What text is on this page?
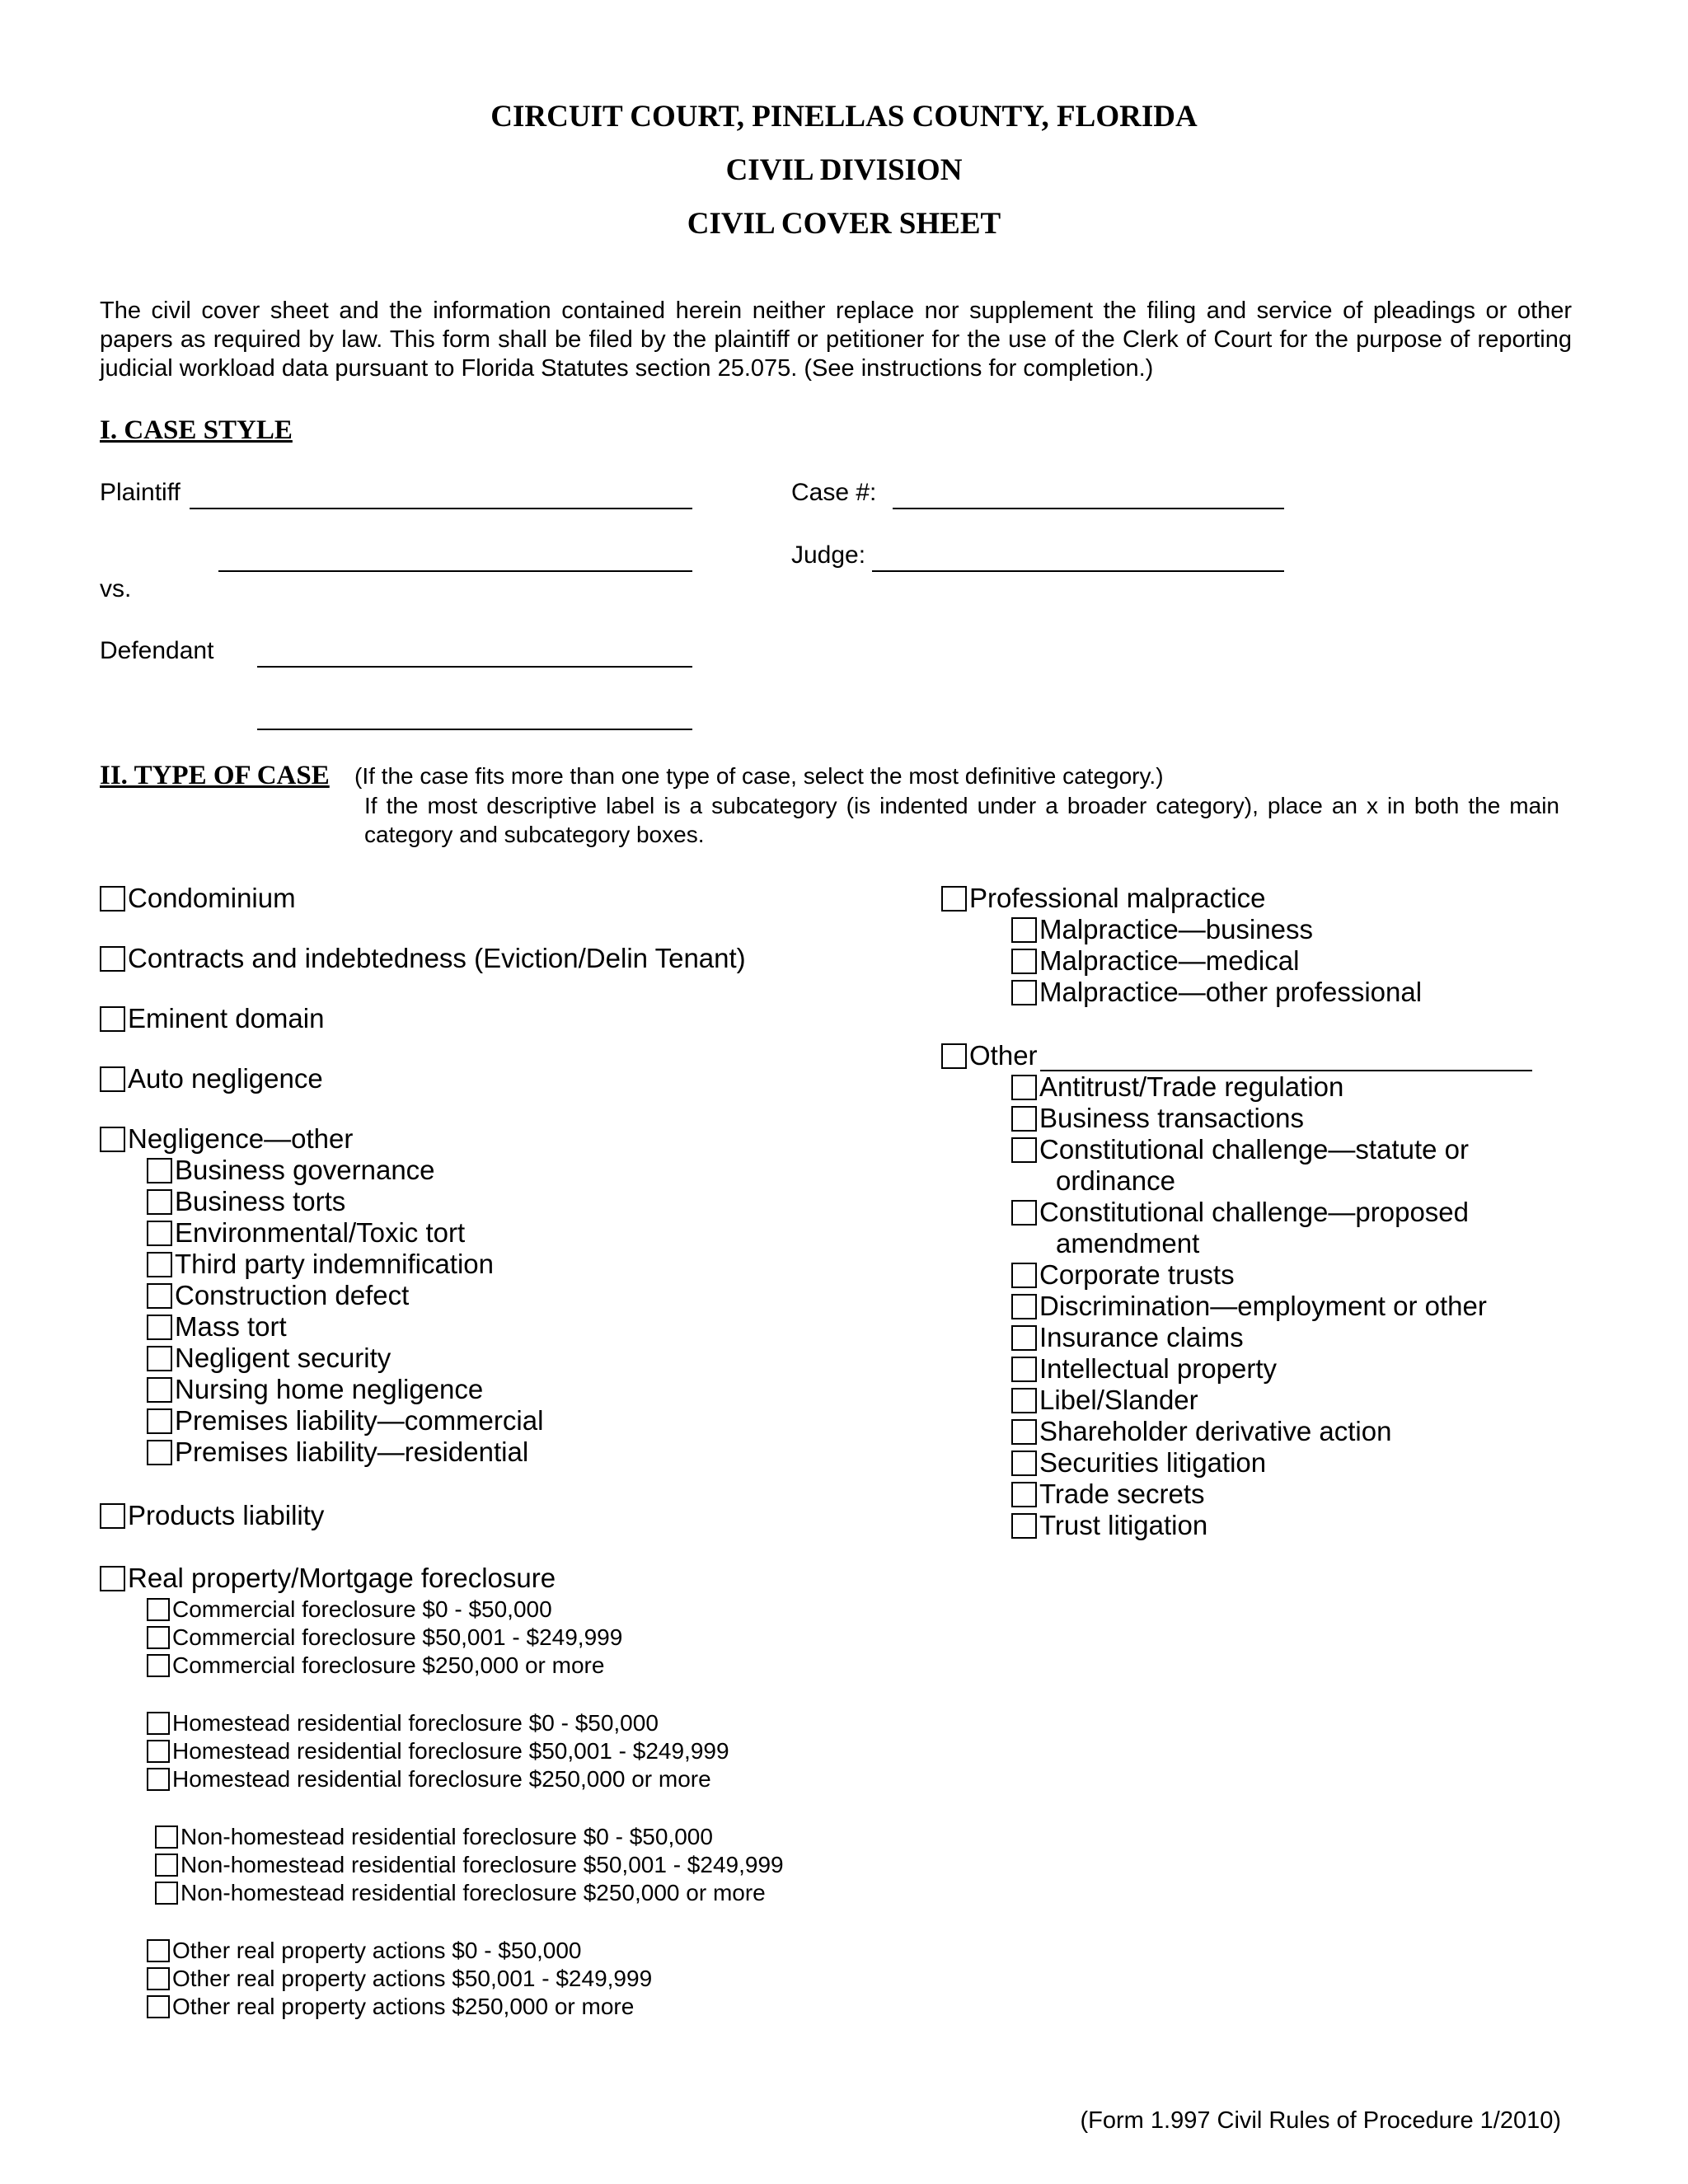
CIRCUIT COURT, PINELLAS COUNTY, FLORIDA
CIVIL DIVISION
CIVIL COVER SHEET
The civil cover sheet and the information contained herein neither replace nor supplement the filing and service of pleadings or other papers as required by law. This form shall be filed by the plaintiff or petitioner for the use of the Clerk of Court for the purpose of reporting judicial workload data pursuant to Florida Statutes section 25.075. (See instructions for completion.)
I. CASE STYLE
Plaintiff
vs.
Defendant
Case #:
Judge:
II. TYPE OF CASE (If the case fits more than one type of case, select the most definitive category.)
If the most descriptive label is a subcategory (is indented under a broader category), place an x in both the main category and subcategory boxes.
Condominium
Contracts and indebtedness (Eviction/Delin Tenant)
Eminent domain
Auto negligence
Negligence—other
Business governance
Business torts
Environmental/Toxic tort
Third party indemnification
Construction defect
Mass tort
Negligent security
Nursing home negligence
Premises liability—commercial
Premises liability—residential
Products liability
Real property/Mortgage foreclosure
Commercial foreclosure $0 - $50,000
Commercial foreclosure $50,001 - $249,999
Commercial foreclosure $250,000 or more
Homestead residential foreclosure $0 - $50,000
Homestead residential foreclosure $50,001 - $249,999
Homestead residential foreclosure $250,000 or more
Non-homestead residential foreclosure $0 - $50,000
Non-homestead residential foreclosure $50,001 - $249,999
Non-homestead residential foreclosure $250,000 or more
Other real property actions $0 - $50,000
Other real property actions $50,001 - $249,999
Other real property actions $250,000 or more
Professional malpractice
Malpractice—business
Malpractice—medical
Malpractice—other professional
Other
Antitrust/Trade regulation
Business transactions
Constitutional challenge—statute or
ordinance
Constitutional challenge—proposed
amendment
Corporate trusts
Discrimination—employment or other
Insurance claims
Intellectual property
Libel/Slander
Shareholder derivative action
Securities litigation
Trade secrets
Trust litigation
(Form 1.997 Civil Rules of Procedure 1/2010)
